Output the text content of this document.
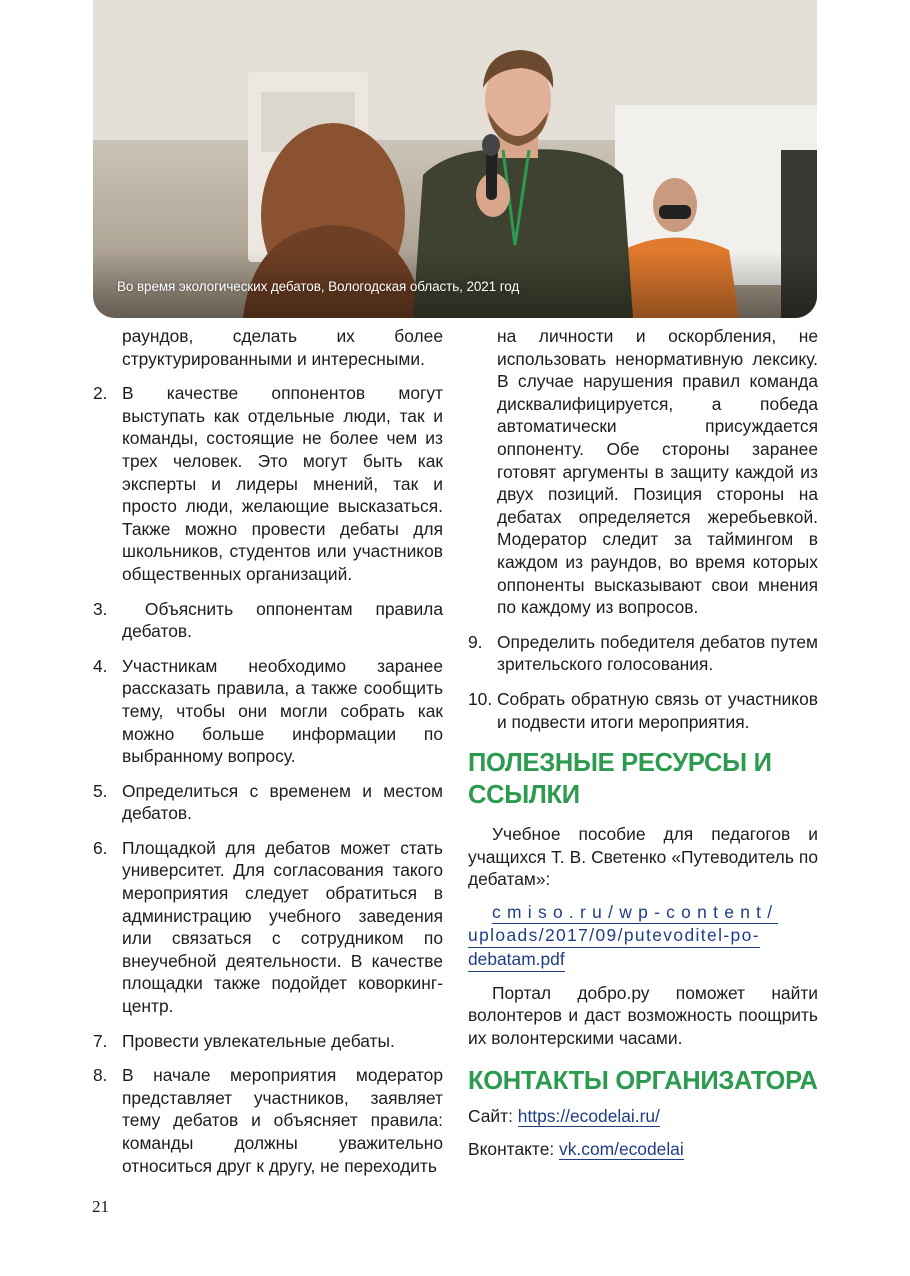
Во время экологических дебатов, Вологодская область, 2021 год

раундов, сделать их более структурированными и интересными.

2. В качестве оппонентов могут выступать как отдельные люди, так и команды, состоящие не более чем из трех человек. Это могут быть как эксперты и лидеры мнений, так и просто люди, желающие высказаться. Также можно провести дебаты для школьников, студентов или участников общественных организаций.
3. Объяснить оппонентам правила дебатов.
4. Участникам необходимо заранее рассказать правила, а также сообщить тему, чтобы они могли собрать как можно больше информации по выбранному вопросу.
5. Определиться с временем и местом дебатов.
6. Площадкой для дебатов может стать университет. Для согласования такого мероприятия следует обратиться в администрацию учебного заведения или связаться с сотрудником по внеучебной деятельности. В качестве площадки также подойдет коворкинг-центр.
7. Провести увлекательные дебаты.
8. В начале мероприятия модератор представляет участников, заявляет тему дебатов и объясняет правила: команды должны уважительно относиться друг к другу, не переходить

на личности и оскорбления, не использовать ненормативную лексику. В случае нарушения правил команда дисквалифицируется, а победа автоматически присуждается оппоненту. Обе стороны заранее готовят аргументы в защиту каждой из двух позиций. Позиция стороны на дебатах определяется жеребьевкой. Модератор следит за таймингом в каждом из раундов, во время которых оппоненты высказывают свои мнения по каждому из вопросов.

9. Определить победителя дебатов путем зрительского голосования.
10. Собрать обратную связь от участников и подвести итоги мероприятия.
ПОЛЕЗНЫЕ РЕСУРСЫ И ССЫЛКИ

Учебное пособие для педагогов и учащихся Т. В. Светенко «Путеводитель по дебатам»:

cmiso.ru/wp-content/
uploads/2017/09/putevoditel-po-
debatam.pdf

Портал добро.ру поможет найти волонтеров и даст возможность поощрить их волонтерскими часами.

КОНТАКТЫ ОРГАНИЗАТОРА
Сайт: https://ecodelai.ru/
Вконтакте: vk.com/ecodelai
21
